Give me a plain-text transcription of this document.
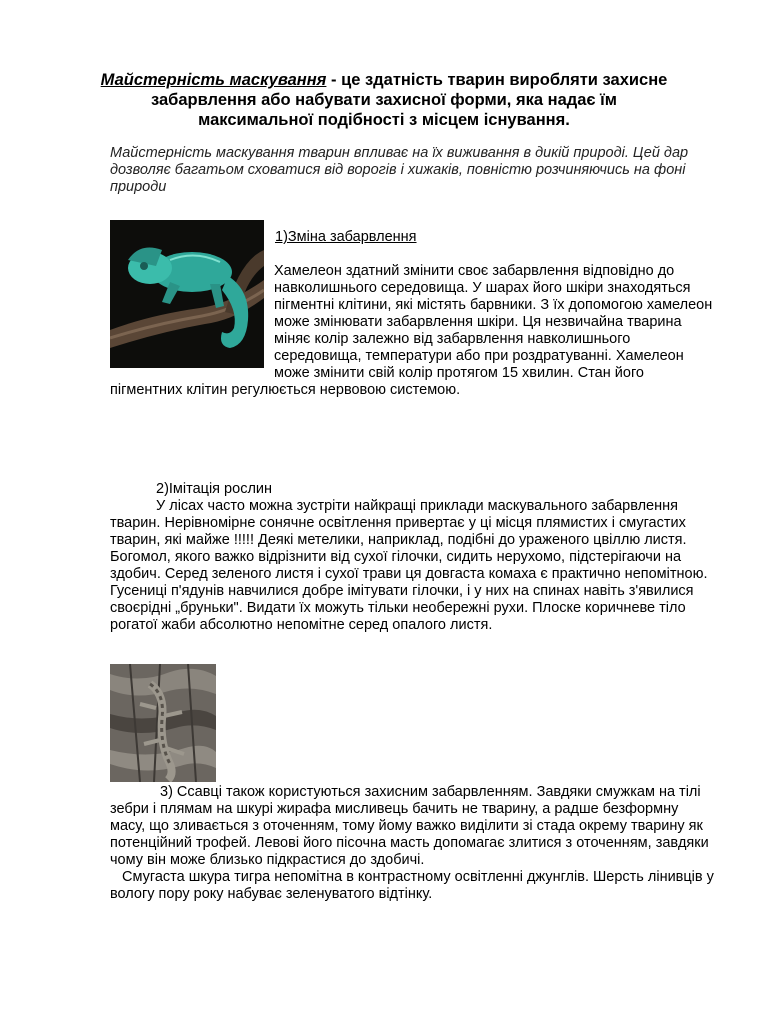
Майстерність маскування - це здатність тварин виробляти захисне забарвлення або набувати захисної форми, яка надає їм максимальної подібності з місцем існування.
Майстерність маскування тварин впливає на їх виживання в дикій природі. Цей дар дозволяє багатьом сховатися від ворогів і хижаків, повністю розчиняючись на фоні природи
1)Зміна забарвлення
Хамелеон здатний змінити своє забарвлення відповідно до навколишнього середовища. У шарах його шкіри знаходяться пігментні клітини, які містять барвники. З їх допомогою хамелеон може змінювати забарвлення шкіри. Ця незвичайна тварина міняє колір залежно від забарвлення навколишнього середовища, температури або при роздратуванні. Хамелеон може змінити свій колір протягом 15 хвилин. Стан його пігментних клітин регулюється нервовою системою.
2)Імітація рослин
У лісах часто можна зустріти найкращі приклади маскувального забарвлення тварин. Нерівномірне сонячне освітлення привертає у ці місця плямистих і смугастих тварин, які майже !!!!! Деякі метелики, наприклад, подібні до ураженого цвіллю листя. Богомол, якого важко відрізнити від сухої гілочки, сидить нерухомо, підстерігаючи на здобич. Серед зеленого листя і сухої трави ця довгаста комаха є практично непомітною. Гусениці п'ядунів навчилися добре імітувати гілочки, і у них на спинах навіть з'явилися своєрідні „бруньки". Видати їх можуть тільки необережні рухи. Плоске коричневе тіло рогатої жаби абсолютно непомітне серед опалого листя.
3) Ссавці також користуються захисним забарвленням. Завдяки смужкам на тілі зебри і плямам на шкурі жирафа мисливець бачить не тварину, а радше безформну масу, що зливається з оточенням, тому йому важко виділити зі стада окрему тварину як потенційний трофей. Левові його пісочна масть допомагає злитися з оточенням, завдяки чому він може близько підкрастися до здобичі.
Смугаста шкура тигра непомітна в контрастному освітленні джунглів. Шерсть лінивців у вологу пору року набуває зеленуватого відтінку.
